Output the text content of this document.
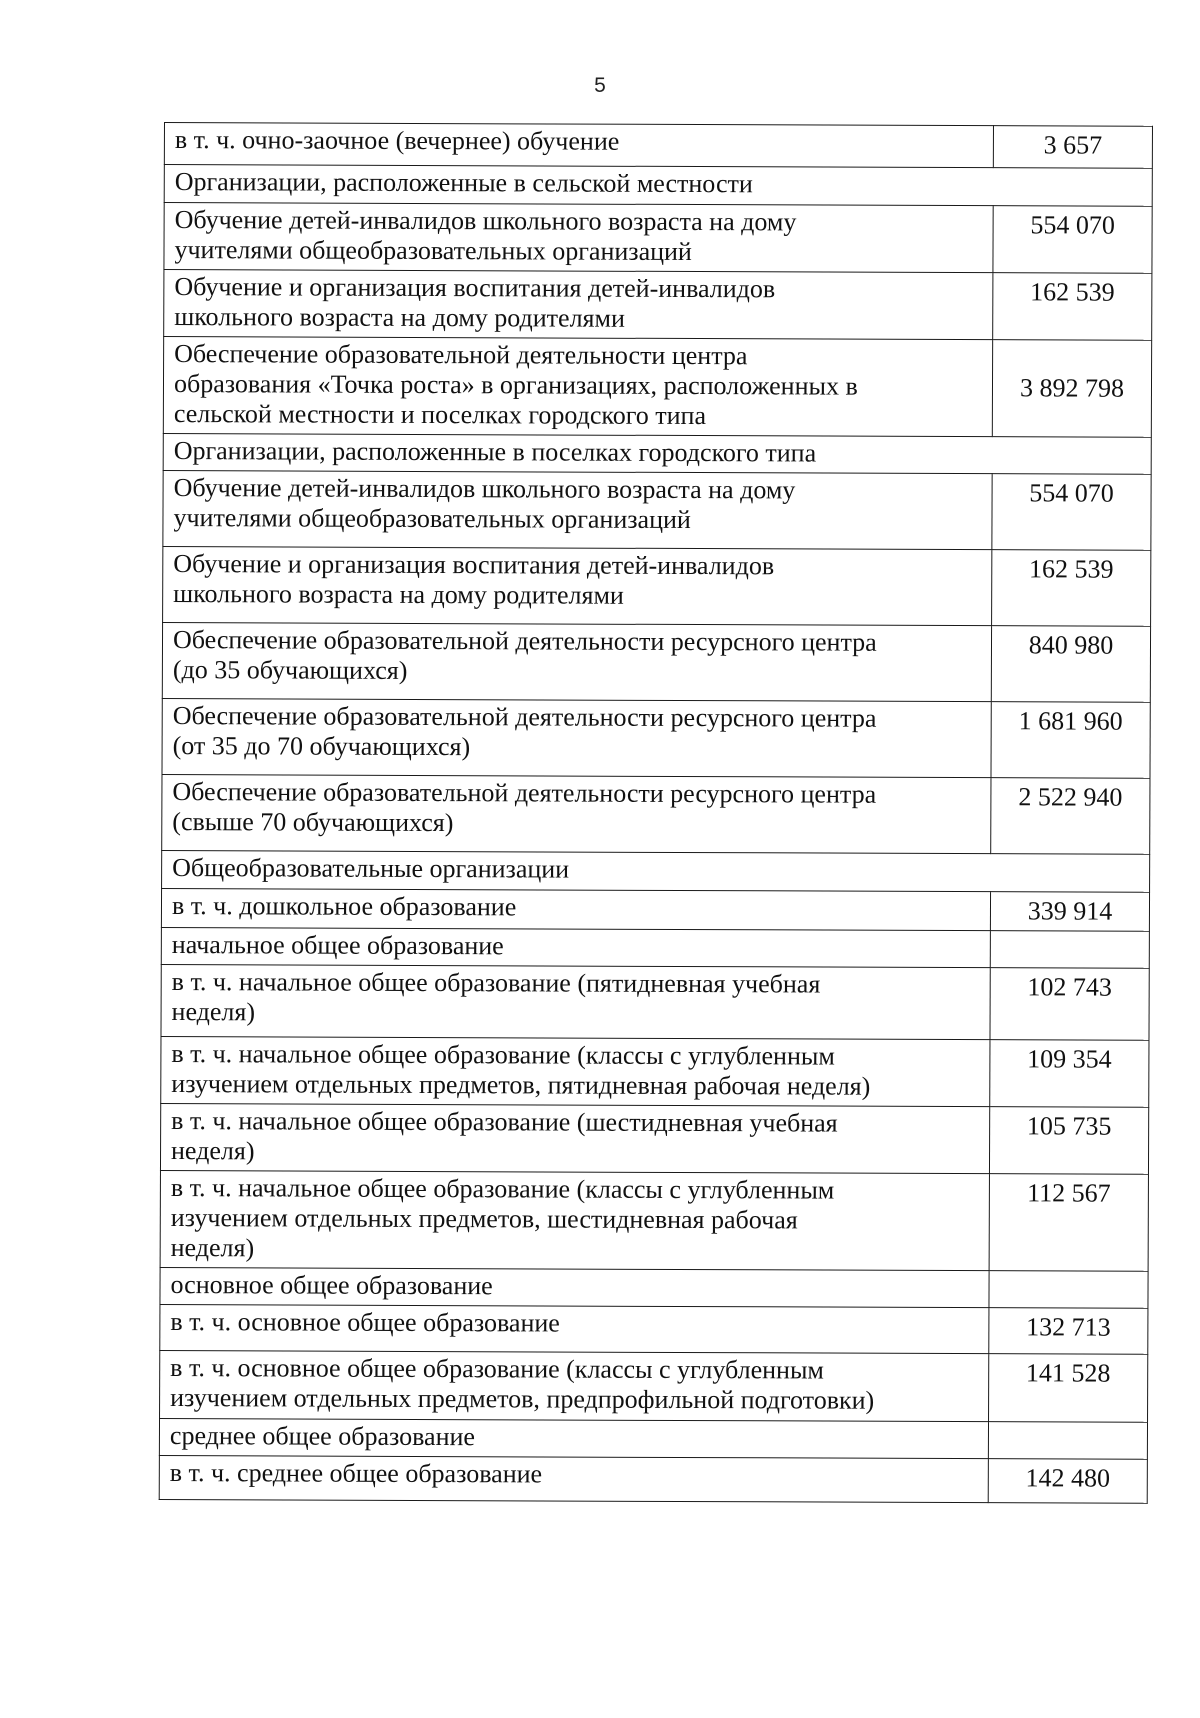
5
в т. ч. очно-заочное (вечернее) обучение	3 657
Организации, расположенные в сельской местности	
Обучение детей-инвалидов школьного возраста на дому
учителями общеобразовательных организаций	554 070
Обучение и организация воспитания детей-инвалидов
школьного возраста на дому родителями	162 539
Обеспечение образовательной деятельности центра
образования «Точка роста» в организациях, расположенных в
сельской местности и поселках городского типа	3 892 798
Организации, расположенные в поселках городского типа	
Обучение детей-инвалидов школьного возраста на дому
учителями общеобразовательных организаций	554 070
Обучение и организация воспитания детей-инвалидов
школьного возраста на дому родителями	162 539
Обеспечение образовательной деятельности ресурсного центра
(до 35 обучающихся)	840 980
Обеспечение образовательной деятельности ресурсного центра
(от 35 до 70 обучающихся)	1 681 960
Обеспечение образовательной деятельности ресурсного центра
(свыше 70 обучающихся)	2 522 940
Общеобразовательные организации	
в т. ч. дошкольное образование	339 914
начальное общее образование	
в т. ч. начальное общее образование (пятидневная учебная
неделя)	102 743
в т. ч. начальное общее образование (классы с углубленным
изучением отдельных предметов, пятидневная рабочая неделя)	109 354
в т. ч. начальное общее образование (шестидневная учебная
неделя)	105 735
в т. ч. начальное общее образование (классы с углубленным
изучением отдельных предметов, шестидневная рабочая
неделя)	112 567
основное общее образование	
в т. ч. основное общее образование	132 713
в т. ч. основное общее образование (классы с углубленным
изучением отдельных предметов, предпрофильной подготовки)	141 528
среднее общее образование	
в т. ч. среднее общее образование	142 480
